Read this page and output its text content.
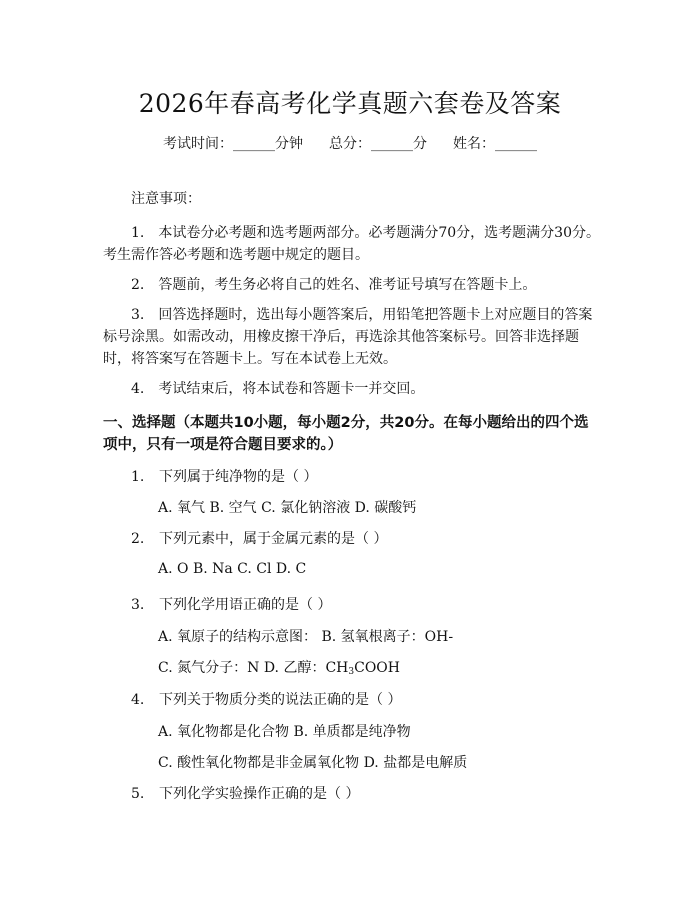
2026年春高考化学真题六套卷及答案
考试时间：______分钟 总分：______分 姓名：______
注意事项：
1.　本试卷分必考题和选考题两部分。必考题满分70分，选考题满分30分。考生需作答必考题和选考题中规定的题目。
2.　答题前，考生务必将自己的姓名、准考证号填写在答题卡上。
3.　回答选择题时，选出每小题答案后，用铅笔把答题卡上对应题目的答案标号涂黑。如需改动，用橡皮擦干净后，再选涂其他答案标号。回答非选择题时，将答案写在答题卡上。写在本试卷上无效。
4.　考试结束后，将本试卷和答题卡一并交回。
一、选择题（本题共10小题，每小题2分，共20分。在每小题给出的四个选项中，只有一项是符合题目要求的。）
1. 下列属于纯净物的是（ ）
A. 氧气 B. 空气 C. 氯化钠溶液 D. 碳酸钙
2. 下列元素中，属于金属元素的是（ ）
A. O B. Na C. Cl D. C
3. 下列化学用语正确的是（ ）
A. 氧原子的结构示意图： B. 氢氧根离子：OH-
C. 氮气分子：N D. 乙醇：$CH_3COOH$
4. 下列关于物质分类的说法正确的是（ ）
A. 氧化物都是化合物 B. 单质都是纯净物
C. 酸性氧化物都是非金属氧化物 D. 盐都是电解质
5. 下列化学实验操作正确的是（ ）
